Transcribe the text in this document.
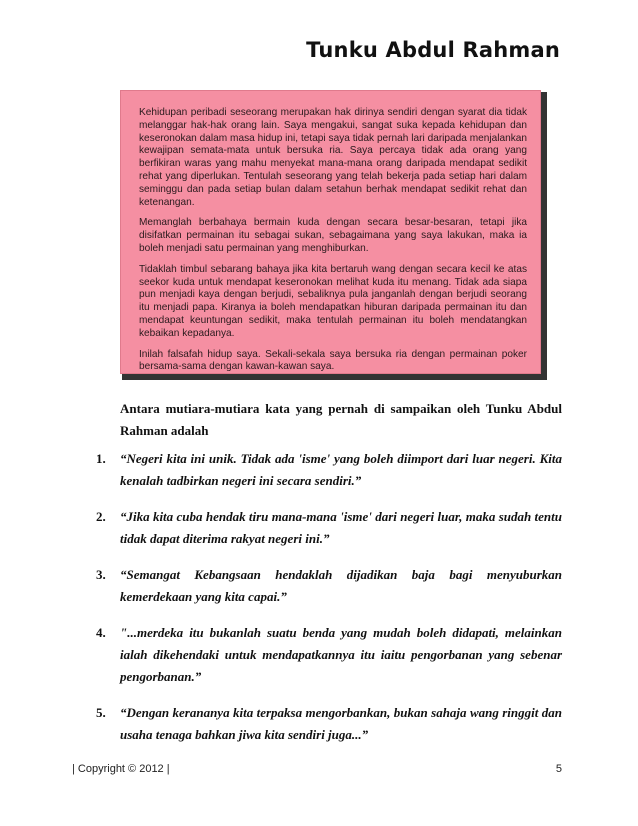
Tunku Abdul Rahman

Kehidupan peribadi seseorang merupakan hak dirinya sendiri dengan syarat dia tidak melanggar hak-hak orang lain. Saya mengakui, sangat suka kepada kehidupan dan keseronokan dalam masa hidup ini, tetapi saya tidak pernah lari daripada menjalankan kewajipan semata-mata untuk bersuka ria. Saya percaya tidak ada orang yang berfikiran waras yang mahu menyekat mana-mana orang daripada mendapat sedikit rehat yang diperlukan. Tentulah seseorang yang telah bekerja pada setiap hari dalam seminggu dan pada setiap bulan dalam setahun berhak mendapat sedikit rehat dan ketenangan.

Memanglah berbahaya bermain kuda dengan secara besar-besaran, tetapi jika disifatkan permainan itu sebagai sukan, sebagaimana yang saya lakukan, maka ia boleh menjadi satu permainan yang menghiburkan.

Tidaklah timbul sebarang bahaya jika kita bertaruh wang dengan secara kecil ke atas seekor kuda untuk mendapat keseronokan melihat kuda itu menang. Tidak ada siapa pun menjadi kaya dengan berjudi, sebaliknya pula janganlah dengan berjudi seorang itu menjadi papa. Kiranya ia boleh mendapatkan hiburan daripada permainan itu dan mendapat keuntungan sedikit, maka tentulah permainan itu boleh mendatangkan kebaikan kepadanya.

Inilah falsafah hidup saya. Sekali-sekala saya bersuka ria dengan permainan poker bersama-sama dengan kawan-kawan saya.

Antara mutiara-mutiara kata yang pernah di sampaikan oleh Tunku Abdul Rahman adalah
1. “Negeri kita ini unik. Tidak ada 'isme' yang boleh diimport dari luar negeri. Kita kenalah tadbirkan negeri ini secara sendiri.”
2. “Jika kita cuba hendak tiru mana-mana 'isme' dari negeri luar, maka sudah tentu tidak dapat diterima rakyat negeri ini.”
3. “Semangat Kebangsaan hendaklah dijadikan baja bagi menyuburkan kemerdekaan yang kita capai.”
4. "...merdeka itu bukanlah suatu benda yang mudah boleh didapati, melainkan ialah dikehendaki untuk mendapatkannya itu iaitu pengorbanan yang sebenar pengorbanan.”
5. “Dengan kerananya kita terpaksa mengorbankan, bukan sahaja wang ringgit dan usaha tenaga bahkan jiwa kita sendiri juga...”
| Copyright © 2012 |	5
